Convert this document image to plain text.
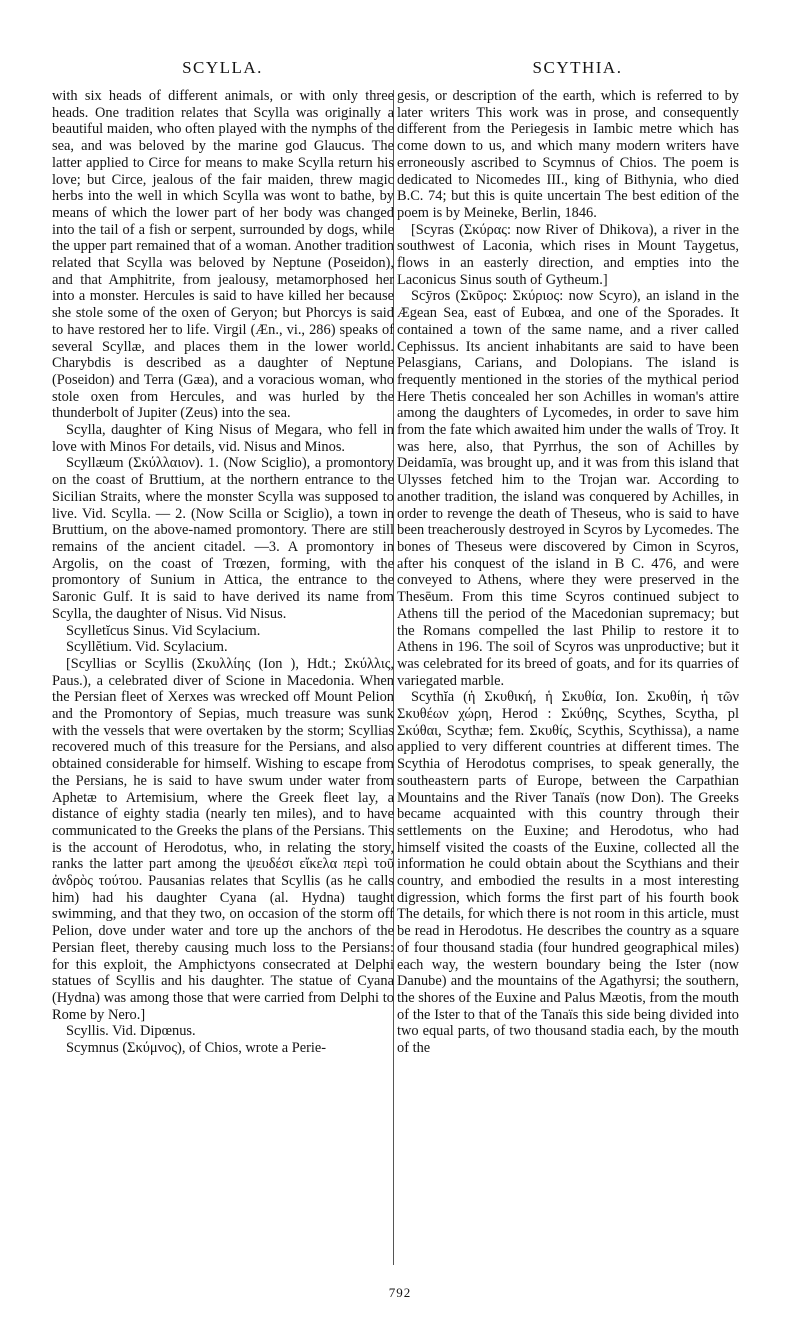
SCYLLA.	SCYTHIA.

with six heads of different animals, or with only three heads. One tradition relates that Scylla was originally a beautiful maiden, who often played with the nymphs of the sea, and was beloved by the marine god Glaucus. The latter applied to Circe for means to make Scylla return his love; but Circe, jealous of the fair maiden, threw magic herbs into the well in which Scylla was wont to bathe, by means of which the lower part of her body was changed into the tail of a fish or serpent, surrounded by dogs, while the upper part remained that of a woman. Another tradition related that Scylla was beloved by Neptune (Poseidon), and that Amphitrite, from jealousy, metamorphosed her into a monster. Hercules is said to have killed her because she stole some of the oxen of Geryon; but Phorcys is said to have restored her to life. Virgil (Æn., vi., 286) speaks of several Scyllæ, and places them in the lower world. Charybdis is described as a daughter of Neptune (Poseidon) and Terra (Gæa), and a voracious woman, who stole oxen from Hercules, and was hurled by the thunderbolt of Jupiter (Zeus) into the sea.

Scylla, daughter of King Nisus of Megara, who fell in love with Minos For details, vid. Nisus and Minos.

Scyllæum (Σκύλλαιον). 1. (Now Sciglio), a promontory on the coast of Bruttium, at the northern entrance to the Sicilian Straits, where the monster Scylla was supposed to live. Vid. Scylla. — 2. (Now Scilla or Sciglio), a town in Bruttium, on the above-named promontory. There are still remains of the ancient citadel. —3. A promontory in Argolis, on the coast of Trœzen, forming, with the promontory of Sunium in Attica, the entrance to the Saronic Gulf. It is said to have derived its name from Scylla, the daughter of Nisus. Vid Nisus.

Scylletĭcus Sinus. Vid Scylacium.

Scyllĕtium. Vid. Scylacium.

[Scyllias or Scyllis (Σκυλλίης (Ion ), Hdt.; Σκύλλις, Paus.), a celebrated diver of Scione in Macedonia. When the Persian fleet of Xerxes was wrecked off Mount Pelion and the Promontory of Sepias, much treasure was sunk with the vessels that were overtaken by the storm; Scyllias recovered much of this treasure for the Persians, and also obtained considerable for himself. Wishing to escape from the Persians, he is said to have swum under water from Aphetæ to Artemisium, where the Greek fleet lay, a distance of eighty stadia (nearly ten miles), and to have communicated to the Greeks the plans of the Persians. This is the account of Herodotus, who, in relating the story, ranks the latter part among the ψευδέσι εἴκελα περὶ τοῦ ἀνδρὸς τούτου. Pausanias relates that Scyllis (as he calls him) had his daughter Cyana (al. Hydna) taught swimming, and that they two, on occasion of the storm off Pelion, dove under water and tore up the anchors of the Persian fleet, thereby causing much loss to the Persians: for this exploit, the Amphictyons consecrated at Delphi statues of Scyllis and his daughter. The statue of Cyana (Hydna) was among those that were carried from Delphi to Rome by Nero.]

Scyllis. Vid. Dipœnus.

Scymnus (Σκύμνος), of Chios, wrote a Perie-

gesis, or description of the earth, which is referred to by later writers This work was in prose, and consequently different from the Periegesis in Iambic metre which has come down to us, and which many modern writers have erroneously ascribed to Scymnus of Chios. The poem is dedicated to Nicomedes III., king of Bithynia, who died B.C. 74; but this is quite uncertain The best edition of the poem is by Meineke, Berlin, 1846.

[Scyras (Σκύρας: now River of Dhikova), a river in the southwest of Laconia, which rises in Mount Taygetus, flows in an easterly direction, and empties into the Laconicus Sinus south of Gytheum.]

Scȳros (Σκῦρος: Σκύριος: now Scyro), an island in the Ægean Sea, east of Eubœa, and one of the Sporades. It contained a town of the same name, and a river called Cephissus. Its ancient inhabitants are said to have been Pelasgians, Carians, and Dolopians. The island is frequently mentioned in the stories of the mythical period Here Thetis concealed her son Achilles in woman's attire among the daughters of Lycomedes, in order to save him from the fate which awaited him under the walls of Troy. It was here, also, that Pyrrhus, the son of Achilles by Deidamīa, was brought up, and it was from this island that Ulysses fetched him to the Trojan war. According to another tradition, the island was conquered by Achilles, in order to revenge the death of Theseus, who is said to have been treacherously destroyed in Scyros by Lycomedes. The bones of Theseus were discovered by Cimon in Scyros, after his conquest of the island in B C. 476, and were conveyed to Athens, where they were preserved in the Thesēum. From this time Scyros continued subject to Athens till the period of the Macedonian supremacy; but the Romans compelled the last Philip to restore it to Athens in 196. The soil of Scyros was unproductive; but it was celebrated for its breed of goats, and for its quarries of variegated marble.

Scythĭa (ἡ Σκυθική, ἡ Σκυθία, Ion. Σκυθίη, ἡ τῶν Σκυθέων χώρη, Herod : Σκύθης, Scythes, Scytha, pl Σκύθαι, Scythæ; fem. Σκυθίς, Scythis, Scythissa), a name applied to very different countries at different times. The Scythia of Herodotus comprises, to speak generally, the southeastern parts of Europe, between the Carpathian Mountains and the River Tanaïs (now Don). The Greeks became acquainted with this country through their settlements on the Euxine; and Herodotus, who had himself visited the coasts of the Euxine, collected all the information he could obtain about the Scythians and their country, and embodied the results in a most interesting digression, which forms the first part of his fourth book The details, for which there is not room in this article, must be read in Herodotus. He describes the country as a square of four thousand stadia (four hundred geographical miles) each way, the western boundary being the Ister (now Danube) and the mountains of the Agathyrsi; the southern, the shores of the Euxine and Palus Mæotis, from the mouth of the Ister to that of the Tanaïs this side being divided into two equal parts, of two thousand stadia each, by the mouth of the

792
